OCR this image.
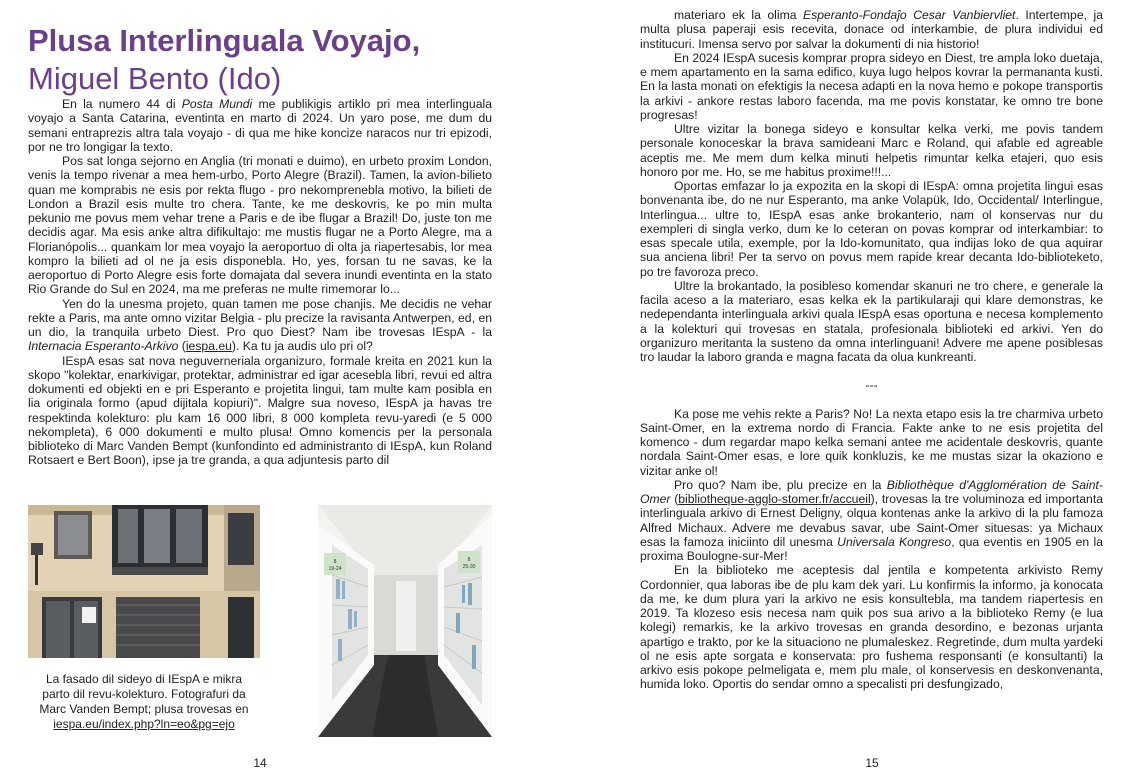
Plusa Interlinguala Voyajo,
Miguel Bento (Ido)

En la numero 44 di Posta Mundi me publikigis artiklo pri mea interlinguala voyajo a Santa Catarina, eventinta en marto di 2024. Un yaro pose, me dum du semani entraprezis altra tala voyajo - di qua me hike koncize naracos nur tri epizodi, por ne tro longigar la texto.

Pos sat longa sejorno en Anglia (tri monati e duimo), en urbeto proxim London, venis la tempo rivenar a mea hem-urbo, Porto Alegre (Brazil). Tamen, la avion-bilieto quan me komprabis ne esis por rekta flugo - pro nekomprenebla motivo, la bilieti de London a Brazil esis multe tro chera. Tante, ke me deskovris, ke po min multa pekunio me povus mem vehar trene a Paris e de ibe flugar a Brazil! Do, juste ton me decidis agar. Ma esis anke altra difikultajo: me mustis flugar ne a Porto Alegre, ma a Florianópolis... quankam lor mea voyajo la aeroportuo di olta ja riapertesabis, lor mea kompro la bilieti ad ol ne ja esis disponebla. Ho, yes, forsan tu ne savas, ke la aeroportuo di Porto Alegre esis forte domajata dal severa inundi eventinta en la stato Rio Grande do Sul en 2024, ma me preferas ne multe rimemorar lo...

Yen do la unesma projeto, quan tamen me pose chanjis. Me decidis ne vehar rekte a Paris, ma ante omno vizitar Belgia - plu precize la ravisanta Antwerpen, ed, en un dio, la tranquila urbeto Diest. Pro quo Diest? Nam ibe trovesas IEspA - la Internacia Esperanto-Arkivo (iespa.eu). Ka tu ja audis ulo pri ol?

IEspA esas sat nova neguverneriala organizuro, formale kreita en 2021 kun la skopo "kolektar, enarkivigar, protektar, administrar ed igar acesebla libri, revui ed altra dokumenti ed objekti en e pri Esperanto e projetita lingui, tam multe kam posibla en lia originala formo (apud dijitala kopiuri)". Malgre sua noveso, IEspA ja havas tre respektinda kolekturo: plu kam 16 000 libri, 8 000 kompleta revu-yaredi (e 5 000 nekompleta), 6 000 dokumenti e multo plusa! Omno komencis per la personala biblioteko di Marc Vanden Bempt (kunfondinto ed administranto di IEspA, kun Roland Rotsaert e Bert Boon), ipse ja tre granda, a qua adjuntesis parto dil

8
19-24
8
25-30
La fasado dil sideyo di IEspA e mikra
parto dil revu-kolekturo. Fotografuri da
Marc Vanden Bempt; plusa trovesas en
iespa.eu/index.php?ln=eo&pg=ejo
14

materiaro ek la olima Esperanto-Fondaĵo Cesar Vanbiervliet. Intertempe, ja multa plusa paperaji esis recevita, donace od interkambie, de plura individui ed institucuri. Imensa servo por salvar la dokumenti di nia historio!

En 2024 IEspA sucesis komprar propra sideyo en Diest, tre ampla loko duetaja, e mem apartamento en la sama edifico, kuya lugo helpos kovrar la permananta kusti. En la lasta monati on efektigis la necesa adapti en la nova hemo e pokope transportis la arkivi - ankore restas laboro facenda, ma me povis konstatar, ke omno tre bone progresas!

Ultre vizitar la bonega sideyo e konsultar kelka verki, me povis tandem personale konoceskar la brava samideani Marc e Roland, qui afable ed agreable aceptis me. Me mem dum kelka minuti helpetis rimuntar kelka etajeri, quo esis honoro por me. Ho, se me habitus proxime!!!...

Oportas emfazar lo ja expozita en la skopi di IEspA: omna projetita lingui esas bonvenanta ibe, do ne nur Esperanto, ma anke Volapük, Ido, Occidental/ Interlingue, Interlingua... ultre to, IEspA esas anke brokanterio, nam ol konservas nur du exempleri di singla verko, dum ke lo ceteran on povas komprar od interkambiar: to esas specale utila, exemple, por la Ido-komunitato, qua indijas loko de qua aquirar sua anciena libri! Per ta servo on povus mem rapide krear decanta Ido-biblioteketo, po tre favoroza preco.

Ultre la brokantado, la posibleso komendar skanuri ne tro chere, e generale la facila aceso a la materiaro, esas kelka ek la partikularaji qui klare demonstras, ke nedependanta interlinguala arkivi quala IEspA esas oportuna e necesa komplemento a la kolekturi qui trovesas en statala, profesionala biblioteki ed arkivi. Yen do organizuro meritanta la susteno da omna interlinguani! Advere me apene posiblesas tro laudar la laboro granda e magna facata da olua kunkreanti.

---

Ka pose me vehis rekte a Paris? No! La nexta etapo esis la tre charmiva urbeto Saint-Omer, en la extrema nordo di Francia. Fakte anke to ne esis projetita del komenco - dum regardar mapo kelka semani antee me acidentale deskovris, quante nordala Saint-Omer esas, e lore quik konkluzis, ke me mustas sizar la okaziono e vizitar anke ol!

Pro quo? Nam ibe, plu precize en la Bibliothèque d'Agglomération de Saint-Omer (bibliotheque-agglo-stomer.fr/accueil), trovesas la tre voluminoza ed importanta interlinguala arkivo di Ernest Deligny, olqua kontenas anke la arkivo di la plu famoza Alfred Michaux. Advere me devabus savar, ube Saint-Omer situesas: ya Michaux esas la famoza iniciinto dil unesma Universala Kongreso, qua eventis en 1905 en la proxima Boulogne-sur-Mer!

En la biblioteko me aceptesis dal jentila e kompetenta arkivisto Remy Cordonnier, qua laboras ibe de plu kam dek yari. Lu konfirmis la informo, ja konocata da me, ke dum plura yari la arkivo ne esis konsultebla, ma tandem riapertesis en 2019. Ta klozeso esis necesa nam quik pos sua arivo a la biblioteko Remy (e lua kolegi) remarkis, ke la arkivo trovesas en granda desordino, e bezonas urjanta apartigo e trakto, por ke la situaciono ne plumaleskez. Regretinde, dum multa yardeki ol ne esis apte sorgata e konservata: pro fushema responsanti (e konsultanti) la arkivo esis pokope pelmeligata e, mem plu male, ol konservesis en deskonvenanta, humida loko. Oportis do sendar omno a specalisti pri desfungizado,

15
